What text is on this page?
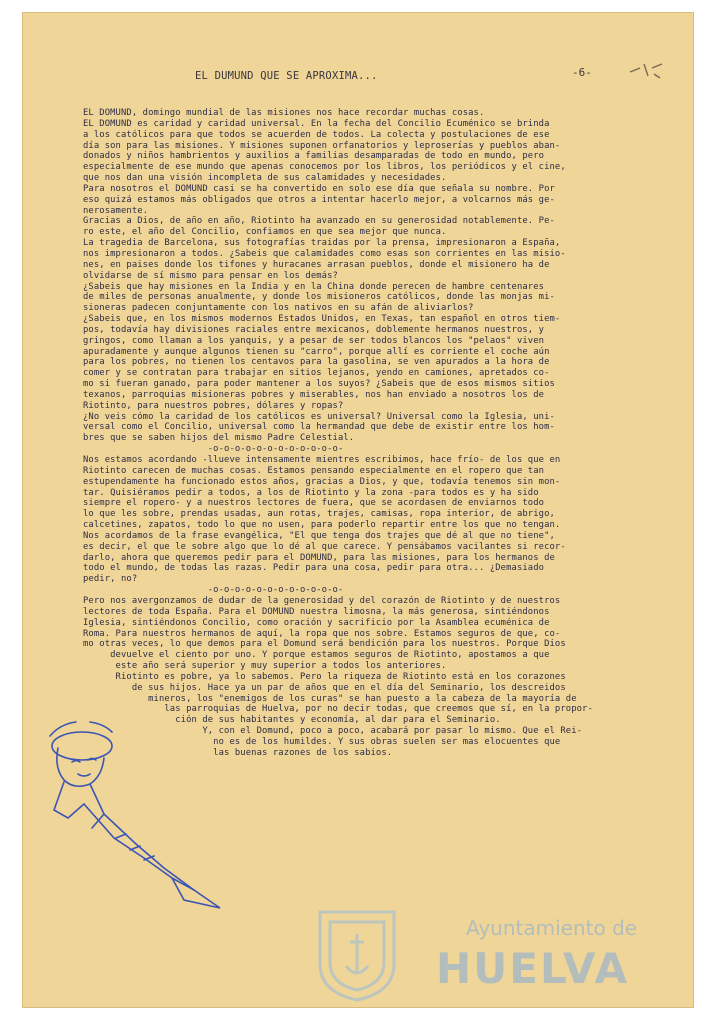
EL DUMUND QUE SE APROXIMA...	-6-
EL DOMUND, domingo mundial de las misiones nos hace recordar muchas cosas.
EL DOMUND es caridad y caridad universal. En la fecha del Concilio Ecuménico se brinda
a los católicos para que todos se acuerden de todos. La colecta y postulaciones de ese
día son para las misiones. Y misiones suponen orfanatorios y leproserías y pueblos aban-
donados y niños hambrientos y auxilios a familias desamparadas de todo en mundo, pero
especialmente de ese mundo que apenas conocemos por los libros, los periódicos y el cine,
que nos dan una visión incompleta de sus calamidades y necesidades.
Para nosotros el DOMUND casi se ha convertido en solo ese día que señala su nombre. Por
eso quizá estamos más obligados que otros a intentar hacerlo mejor, a volcarnos más ge-
nerosamente.
Gracias a Dios, de año en año, Riotinto ha avanzado en su generosidad notablemente. Pe-
ro este, el año del Concilio, confiamos en que sea mejor que nunca.
La tragedia de Barcelona, sus fotografías traidas por la prensa, impresionaron a España,
nos impresionaron a todos. ¿Sabeis que calamidades como esas son corrientes en las misio-
nes, en paises donde los tifones y huracanes arrasan pueblos, donde el misionero ha de
olvidarse de sí mismo para pensar en los demás?
¿Sabeis que hay misiones en la India y en la China donde perecen de hambre centenares
de miles de personas anualmente, y donde los misioneros católicos, donde las monjas mi-
sioneras padecen conjuntamente con los nativos en su afán de aliviarlos?
¿Sabeis que, en los mismos modernos Estados Unidos, en Texas, tan español en otros tiem-
pos, todavía hay divisiones raciales entre mexicanos, doblemente hermanos nuestros, y
gringos, como llaman a los yanquis, y a pesar de ser todos blancos los "pelaos" viven
apuradamente y aunque algunos tienen su "carro", porque allí es corriente el coche aún
para los pobres, no tienen los centavos para la gasolina, se ven apurados a la hora de
comer y se contratan para trabajar en sitios lejanos, yendo en camiones, apretados co-
mo si fueran ganado, para poder mantener a los suyos? ¿Sabeis que de esos mismos sitios
texanos, parroquias misioneras pobres y miserables, nos han enviado a nosotros los de
Riotinto, para nuestros pobres, dólares y ropas?
¿No veis cómo la caridad de los católicos es universal? Universal como la Iglesia, uni-
versal como el Concilio, universal como la hermandad que debe de existir entre los hom-
bres que se saben hijos del mismo Padre Celestial.
-o-o-o-o-o-o-o-o-o-o-o-o-
Nos estamos acordando -llueve intensamente mientres escribimos, hace frío- de los que en
Riotinto carecen de muchas cosas. Estamos pensando especialmente en el ropero que tan
estupendamente ha funcionado estos años, gracias a Dios, y que, todavía tenemos sin mon-
tar. Quisiéramos pedir a todos, a los de Riotinto y la zona -para todos es y ha sido
siempre el ropero- y a nuestros lectores de fuera, que se acordasen de enviarnos todo
lo que les sobre, prendas usadas, aun rotas, trajes, camisas, ropa interior, de abrigo,
calcetines, zapatos, todo lo que no usen, para poderlo repartir entre los que no tengan.
Nos acordamos de la frase evangélica, "El que tenga dos trajes que dé al que no tiene",
es decir, el que le sobre algo que lo dé al que carece. Y pensábamos vacilantes si recor-
darlo, ahora que queremos pedir para el DOMUND, para las misiones, para los hermanos de
todo el mundo, de todas las razas. Pedir para una cosa, pedir para otra... ¿Demasiado
pedir, no?
-o-o-o-o-o-o-o-o-o-o-o-o-
Pero nos avergonzamos de dudar de la generosidad y del corazón de Riotinto y de nuestros
lectores de toda España. Para el DOMUND nuestra limosna, la más generosa, sintiéndonos
Iglesia, sintiéndonos Concilio, como oración y sacrificio por la Asamblea ecuménica de
Roma. Para nuestros hermanos de aquí, la ropa que nos sobre. Estamos seguros de que, co-
mo otras veces, lo que demos para el Domund será bendición para los nuestros. Porque Dios
devuelve el ciento por uno. Y porque estamos seguros de Riotinto, apostamos a que
este año será superior y muy superior a todos los anteriores.
Riotinto es pobre, ya lo sabemos. Pero la riqueza de Riotinto está en los corazones
de sus hijos. Hace ya un par de años que en el día del Seminario, los descreidos
mineros, los "enemigos de los curas" se han puesto a la cabeza de la mayoría de
las parroquias de Huelva, por no decir todas, que creemos que sí, en la propor-
ción de sus habitantes y economía, al dar para el Seminario.
Y, con el Domund, poco a poco, acabará por pasar lo mismo. Que el Rei-
no es de los humildes. Y sus obras suelen ser mas elocuentes que
las buenas razones de los sabios.
Ayuntamiento de
HUELVA
